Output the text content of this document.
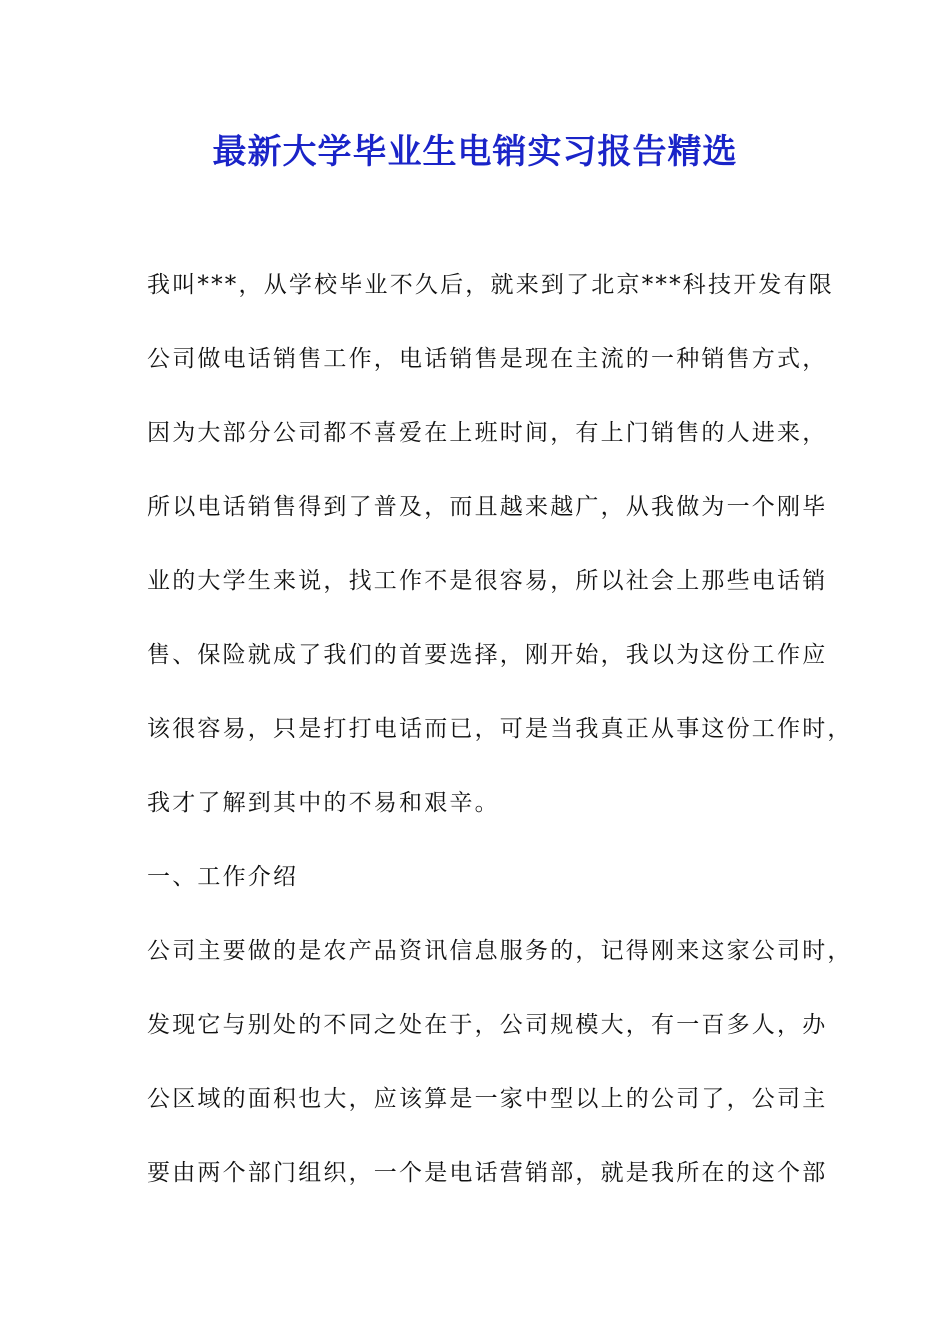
最新大学毕业生电销实习报告精选
我叫***，从学校毕业不久后，就来到了北京***科技开发有限
公司做电话销售工作，电话销售是现在主流的一种销售方式，
因为大部分公司都不喜爱在上班时间，有上门销售的人进来，
所以电话销售得到了普及，而且越来越广，从我做为一个刚毕
业的大学生来说，找工作不是很容易，所以社会上那些电话销
售、保险就成了我们的首要选择，刚开始，我以为这份工作应
该很容易，只是打打电话而已，可是当我真正从事这份工作时，
我才了解到其中的不易和艰辛。
一、工作介绍
公司主要做的是农产品资讯信息服务的，记得刚来这家公司时，
发现它与别处的不同之处在于，公司规模大，有一百多人，办
公区域的面积也大，应该算是一家中型以上的公司了，公司主
要由两个部门组织，一个是电话营销部，就是我所在的这个部
